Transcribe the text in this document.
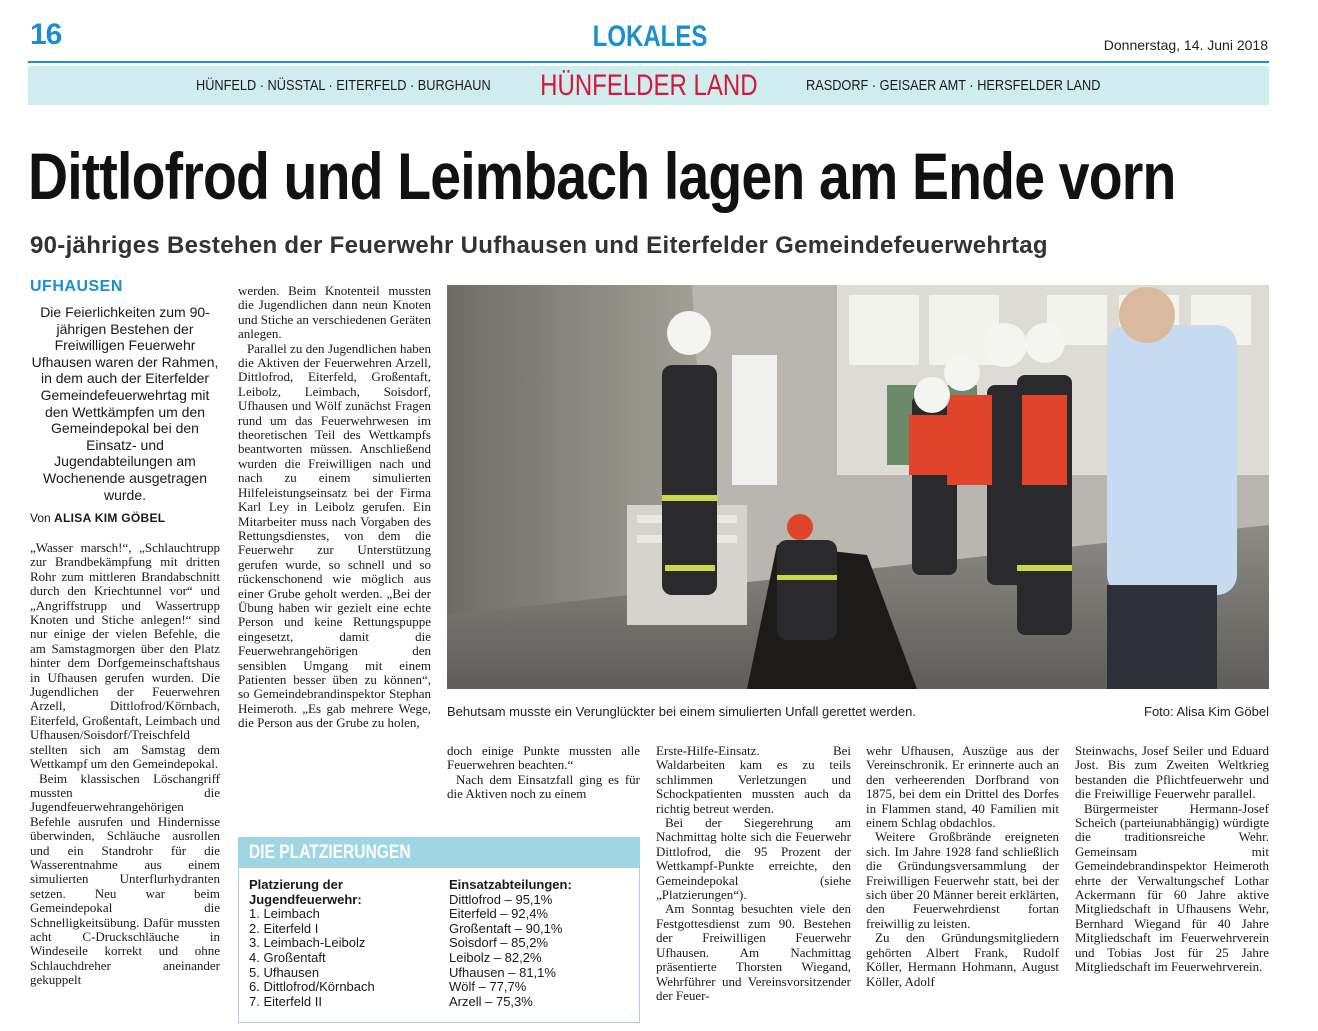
16	LOKALES	Donnerstag, 14. Juni 2018
HÜNFELD · NÜSSTAL · EITERFELD · BURGHAUN HÜNFELDER LAND	RASDORF · GEISAER AMT · HERSFELDER LAND
Dittlofrod und Leimbach lagen am Ende vorn
90-jähriges Bestehen der Feuerwehr Uufhausen und Eiterfelder Gemeindefeuerwehrtag
UFHAUSEN
Die Feierlichkeiten zum 90-jährigen Bestehen der Freiwilligen Feuerwehr Ufhausen waren der Rahmen, in dem auch der Eiterfelder Gemeindefeuerwehrtag mit den Wettkämpfen um den Gemeindepokal bei den Einsatz- und Jugendabteilungen am Wochenende ausgetragen wurde.
Von ALISA KIM GÖBEL

„Wasser marsch!“, „Schlauchtrupp zur Brandbekämpfung mit dritten Rohr zum mittleren Brandabschnitt durch den Kriechtunnel vor“ und „Angriffstrupp und Wassertrupp Knoten und Stiche anlegen!“ sind nur einige der vielen Befehle, die am Samstagmorgen über den Platz hinter dem Dorfgemeinschaftshaus in Ufhausen gerufen wurden. Die Jugendlichen der Feuerwehren Arzell, Dittlofrod/Körnbach, Eiterfeld, Großentaft, Leimbach und Ufhausen/Soisdorf/Treischfeld stellten sich am Samstag dem Wettkampf um den Gemeindepokal.

Beim klassischen Löschangriff mussten die Jugendfeuerwehrangehörigen Befehle ausrufen und Hindernisse überwinden, Schläuche ausrollen und ein Standrohr für die Wasserentnahme aus einem simulierten Unterflurhydranten setzen. Neu war beim Gemeindepokal die Schnelligkeitsübung. Dafür mussten acht C-Druckschläuche in Windeseile korrekt und ohne Schlauchdreher aneinander gekuppelt

werden. Beim Knotenteil mussten die Jugendlichen dann neun Knoten und Stiche an verschiedenen Geräten anlegen.

Parallel zu den Jugendlichen haben die Aktiven der Feuerwehren Arzell, Dittlofrod, Eiterfeld, Großentaft, Leibolz, Leimbach, Soisdorf, Ufhausen und Wölf zunächst Fragen rund um das Feuerwehrwesen im theoretischen Teil des Wettkampfs beantworten müssen. Anschließend wurden die Freiwilligen nach und nach zu einem simulierten Hilfeleistungseinsatz bei der Firma Karl Ley in Leibolz gerufen. Ein Mitarbeiter muss nach Vorgaben des Rettungsdienstes, von dem die Feuerwehr zur Unterstützung gerufen wurde, so schnell und so rückenschonend wie möglich aus einer Grube geholt werden. „Bei der Übung haben wir gezielt eine echte Person und keine Rettungspuppe eingesetzt, damit die Feuerwehrangehörigen den sensiblen Umgang mit einem Patienten besser üben zu können“, so Gemeindebrandinspektor Stephan Heimeroth. „Es gab mehrere Wege, die Person aus der Grube zu holen,

doch einige Punkte mussten alle Feuerwehren beachten.“

Nach dem Einsatzfall ging es für die Aktiven noch zu einem

Erste-Hilfe-Einsatz. Bei Waldarbeiten kam es zu teils schlimmen Verletzungen und Schockpatienten mussten auch da richtig betreut werden.

Bei der Siegerehrung am Nachmittag holte sich die Feuerwehr Dittlofrod, die 95 Prozent der Wettkampf-Punkte erreichte, den Gemeindepokal (siehe „Platzierungen“).

Am Sonntag besuchten viele den Festgottesdienst zum 90. Bestehen der Freiwilligen Feuerwehr Ufhausen. Am Nachmittag präsentierte Thorsten Wiegand, Wehrführer und Vereinsvorsitzender der Feuer-

wehr Ufhausen, Auszüge aus der Vereinschronik. Er erinnerte auch an den verheerenden Dorfbrand von 1875, bei dem ein Drittel des Dorfes in Flammen stand, 40 Familien mit einem Schlag obdachlos.

Weitere Großbrände ereigneten sich. Im Jahre 1928 fand schließlich die Gründungsversammlung der Freiwilligen Feuerwehr statt, bei der sich über 20 Männer bereit erklärten, den Feuerwehrdienst fortan freiwillig zu leisten.

Zu den Gründungsmitgliedern gehörten Albert Frank, Rudolf Köller, Hermann Hohmann, August Köller, Adolf

Steinwachs, Josef Seiler und Eduard Jost. Bis zum Zweiten Weltkrieg bestanden die Pflichtfeuerwehr und die Freiwillige Feuerwehr parallel.

Bürgermeister Hermann-Josef Scheich (parteiunabhängig) würdigte die traditionsreiche Wehr. Gemeinsam mit Gemeindebrandinspektor Heimeroth ehrte der Verwaltungschef Lothar Ackermann für 60 Jahre aktive Mitgliedschaft in Ufhausens Wehr, Bernhard Wiegand für 40 Jahre Mitgliedschaft im Feuerwehrverein und Tobias Jost für 25 Jahre Mitgliedschaft im Feuerwehrverein.

Behutsam musste ein Verunglückter bei einem simulierten Unfall gerettet werden.	Foto: Alisa Kim Göbel
DIE PLATZIERUNGEN
Platzierung der Jugendfeuerwehr:
1. Leimbach
2. Eiterfeld I
3. Leimbach-Leibolz
4. Großentaft
5. Ufhausen
6. Dittlofrod/Körnbach
7. Eiterfeld II
Einsatzabteilungen:
Dittlofrod – 95,1%
Eiterfeld – 92,4%
Großentaft – 90,1%
Soisdorf – 85,2%
Leibolz – 82,2%
Ufhausen – 81,1%
Wölf – 77,7%
Arzell – 75,3%
